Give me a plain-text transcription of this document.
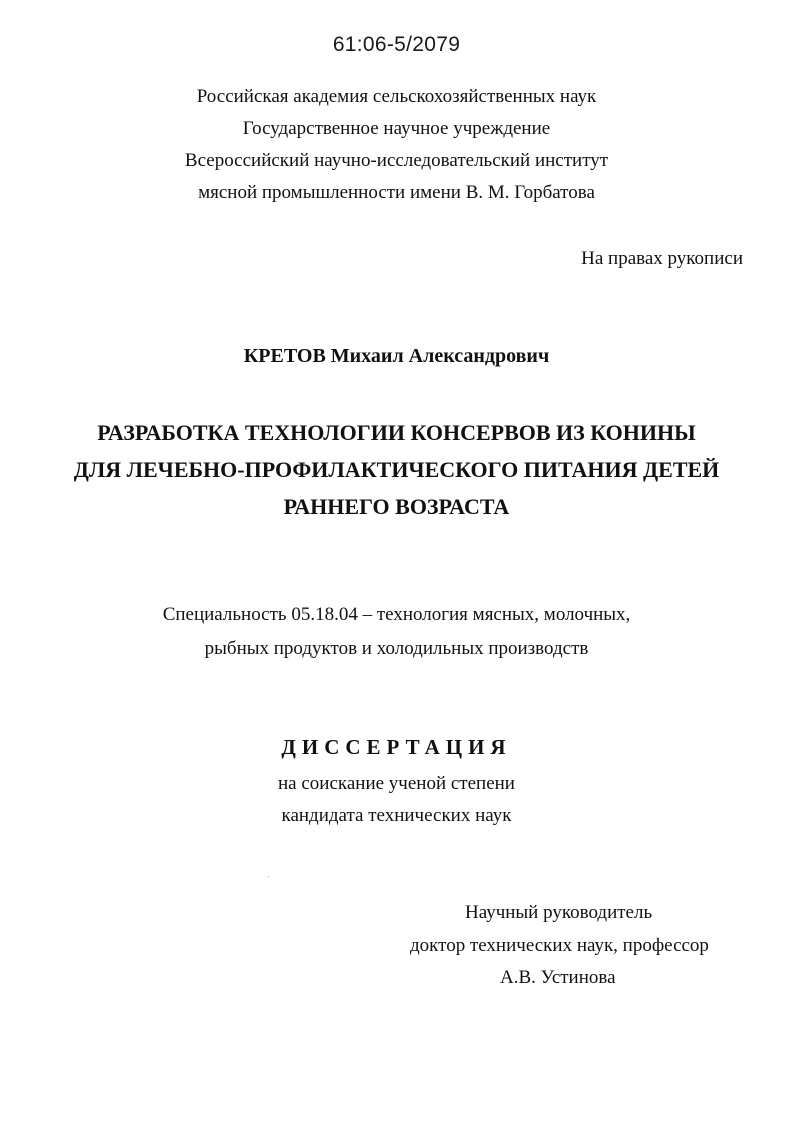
61:06-5/2079
Российская академия сельскохозяйственных наук
Государственное научное учреждение
Всероссийский научно-исследовательский институт
мясной промышленности имени В. М. Горбатова
На правах рукописи
КРЕТОВ Михаил Александрович
РАЗРАБОТКА ТЕХНОЛОГИИ КОНСЕРВОВ ИЗ КОНИНЫ
ДЛЯ ЛЕЧЕБНО-ПРОФИЛАКТИЧЕСКОГО ПИТАНИЯ ДЕТЕЙ
РАННЕГО ВОЗРАСТА
Специальность 05.18.04 – технология мясных, молочных,
рыбных продуктов и холодильных производств
ДИССЕРТАЦИЯ
на соискание ученой степени
кандидата технических наук
Научный руководитель
доктор технических наук, профессор
А.В. Устинова
